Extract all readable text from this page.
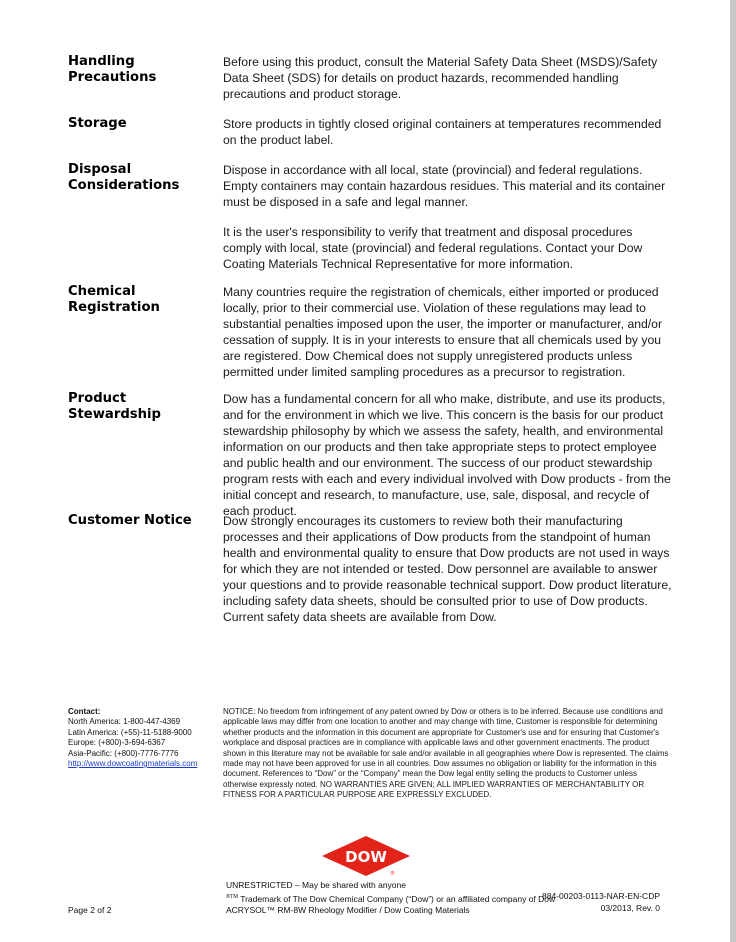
Handling
Precautions

Before using this product, consult the Material Safety Data Sheet (MSDS)/Safety Data Sheet (SDS) for details on product hazards, recommended handling precautions and product storage.

Storage	Store products in tightly closed original containers at temperatures recommended on the product label.

Disposal
Considerations

Dispose in accordance with all local, state (provincial) and federal regulations. Empty containers may contain hazardous residues. This material and its container must be disposed in a safe and legal manner.

It is the user's responsibility to verify that treatment and disposal procedures comply with local, state (provincial) and federal regulations. Contact your Dow Coating Materials Technical Representative for more information.

Chemical
Registration

Many countries require the registration of chemicals, either imported or produced locally, prior to their commercial use. Violation of these regulations may lead to substantial penalties imposed upon the user, the importer or manufacturer, and/or cessation of supply. It is in your interests to ensure that all chemicals used by you are registered. Dow Chemical does not supply unregistered products unless permitted under limited sampling procedures as a precursor to registration.

Product
Stewardship

Dow has a fundamental concern for all who make, distribute, and use its products, and for the environment in which we live. This concern is the basis for our product stewardship philosophy by which we assess the safety, health, and environmental information on our products and then take appropriate steps to protect employee and public health and our environment. The success of our product stewardship program rests with each and every individual involved with Dow products - from the initial concept and research, to manufacture, use, sale, disposal, and recycle of each product.

Customer Notice	Dow strongly encourages its customers to review both their manufacturing processes and their applications of Dow products from the standpoint of human health and environmental quality to ensure that Dow products are not used in ways for which they are not intended or tested. Dow personnel are available to answer your questions and to provide reasonable technical support. Dow product literature, including safety data sheets, should be consulted prior to use of Dow products. Current safety data sheets are available from Dow.

Contact:
North America: 1-800-447-4369
Latin America: (+55)-11-5188-9000
Europe: (+800)-3-694-6367
Asia-Pacific: (+800)-7776-7776
http://www.dowcoatingmaterials.com
NOTICE: No freedom from infringement of any patent owned by Dow or others is to be inferred. Because use conditions and applicable laws may differ from one location to another and may change with time, Customer is responsible for determining whether products and the information in this document are appropriate for Customer's use and for ensuring that Customer's workplace and disposal practices are in compliance with applicable laws and other government enactments. The product shown in this literature may not be available for sale and/or available in all geographies where Dow is represented. The claims made may not have been approved for use in all countries. Dow assumes no obligation or liability for the information in this document. References to “Dow” or the “Company” mean the Dow legal entity selling the products to Customer unless otherwise expressly noted. NO WARRANTIES ARE GIVEN; ALL IMPLIED WARRANTIES OF MERCHANTABILITY OR FITNESS FOR A PARTICULAR PURPOSE ARE EXPRESSLY EXCLUDED.
DOW
®
Page 2 of 2
UNRESTRICTED – May be shared with anyone
$^{®TM}$ Trademark of The Dow Chemical Company (“Dow”) or an affiliated company of Dow
ACRYSOL™ RM-8W Rheology Modifier / Dow Coating Materials
884-00203-0113-NAR-EN-CDP
03/2013, Rev. 0
